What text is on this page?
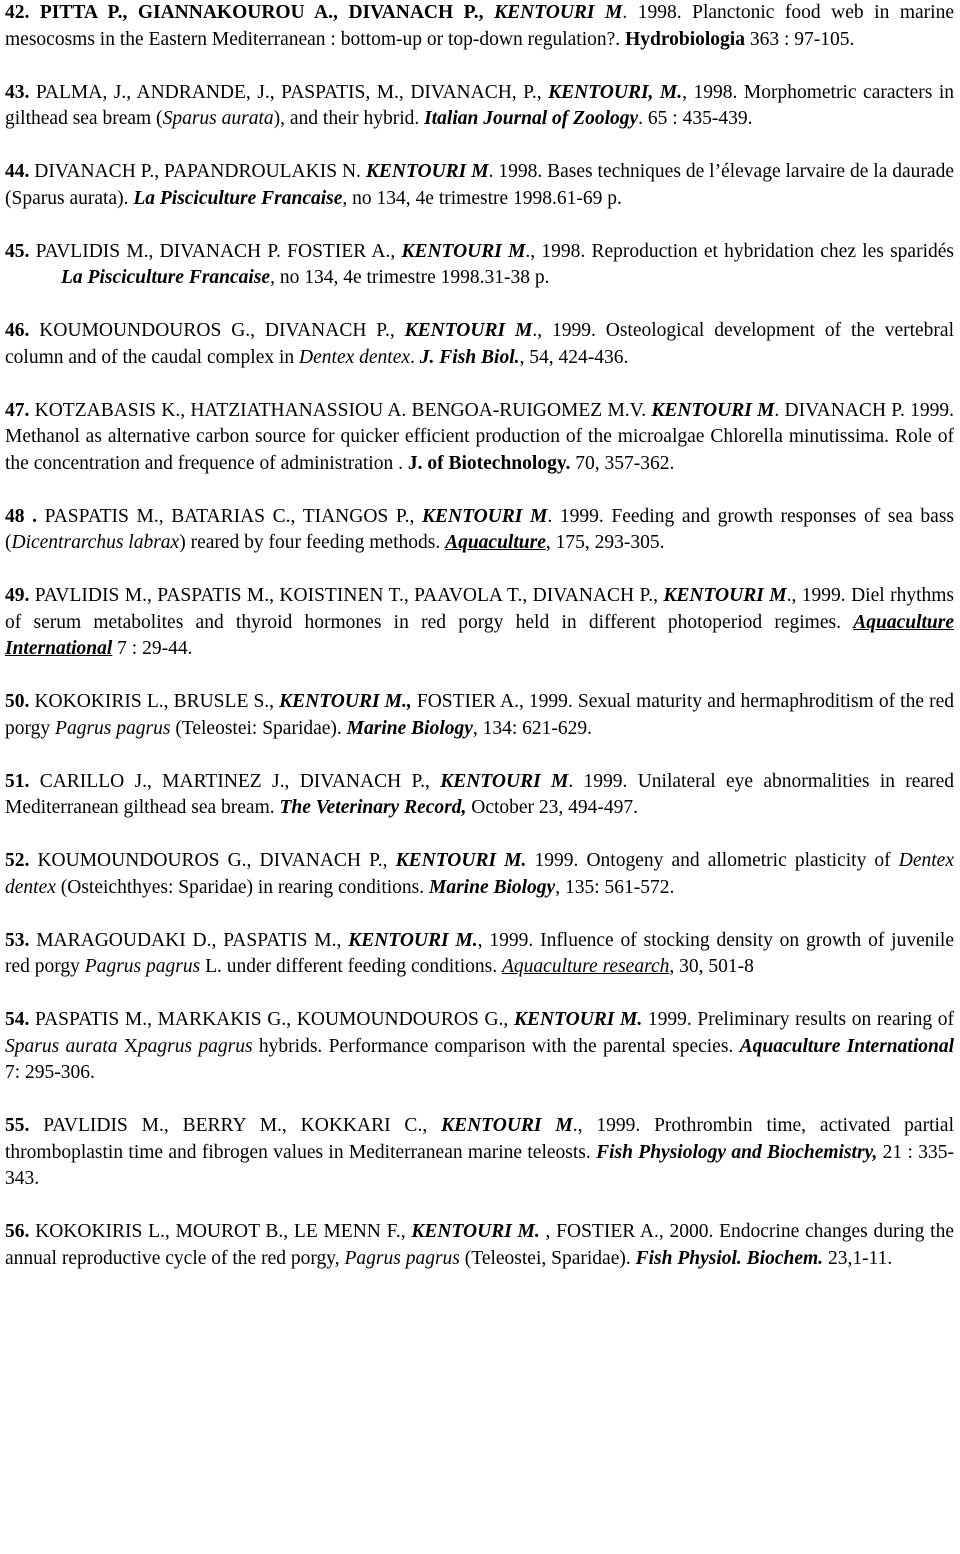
42. PITTA P., GIANNAKOUROU A., DIVANACH P., KENTOURI M. 1998. Planctonic food web in marine mesocosms in the Eastern Mediterranean : bottom-up or top-down regulation?. Hydrobiologia 363 : 97-105.

43. PALMA, J., ANDRANDE, J., PASPATIS, M., DIVANACH, P., KENTOURI, M., 1998. Morphometric caracters in gilthead sea bream (Sparus aurata), and their hybrid. Italian Journal of Zoology. 65 : 435-439.

44. DIVANACH P., PAPANDROULAKIS N. KENTOURI M. 1998. Bases techniques de l’élevage larvaire de la daurade (Sparus aurata). La Pisciculture Francaise, no 134, 4e trimestre 1998.61-69 p.

45. PAVLIDIS M., DIVANACH P. FOSTIER A., KENTOURI M., 1998. Reproduction et hybridation chez les sparidésLa Pisciculture Francaise, no 134, 4e trimestre 1998.31-38 p.

46. KOUMOUNDOUROS G., DIVANACH P., KENTOURI M., 1999. Osteological development of the vertebral column and of the caudal complex in Dentex dentex. J. Fish Biol., 54, 424-436.

47. KOTZABASIS K., HATZIATHANASSIOU A. BENGOA-RUIGOMEZ M.V. KENTOURI M. DIVANACH P. 1999. Methanol as alternative carbon source for quicker efficient production of the microalgae Chlorella minutissima. Role of the concentration and frequence of administration . J. of Biotechnology. 70, 357-362.

48 . PASPATIS M., BATARIAS C., TIANGOS P., KENTOURI M. 1999. Feeding and growth responses of sea bass (Dicentrarchus labrax) reared by four feeding methods. Aquaculture, 175, 293-305.

49. PAVLIDIS M., PASPATIS M., KOISTINEN T., PAAVOLA T., DIVANACH P., KENTOURI M., 1999. Diel rhythms of serum metabolites and thyroid hormones in red porgy held in different photoperiod regimes. Aquaculture International 7 : 29-44.

50. KOKOKIRIS L., BRUSLE S., KENTOURI M., FOSTIER A., 1999. Sexual maturity and hermaphroditism of the red porgy Pagrus pagrus (Teleostei: Sparidae). Marine Biology, 134: 621-629.

51. CARILLO J., MARTINEZ J., DIVANACH P., KENTOURI M. 1999. Unilateral eye abnormalities in reared Mediterranean gilthead sea bream. The Veterinary Record, October 23, 494-497.

52. KOUMOUNDOUROS G., DIVANACH P., KENTOURI M. 1999. Ontogeny and allometric plasticity of Dentex dentex (Osteichthyes: Sparidae) in rearing conditions. Marine Biology, 135: 561-572.

53. MARAGOUDAKI D., PASPATIS M., KENTOURI M., 1999. Influence of stocking density on growth of juvenile red porgy Pagrus pagrus L. under different feeding conditions. Aquaculture research, 30, 501-8

54. PASPATIS M., MARKAKIS G., KOUMOUNDOUROS G., KENTOURI M. 1999. Preliminary results on rearing of Sparus aurata Xpagrus pagrus hybrids. Performance comparison with the parental species. Aquaculture International 7: 295-306.

55. PAVLIDIS M., BERRY M., KOKKARI C., KENTOURI M., 1999. Prothrombin time, activated partial thromboplastin time and fibrogen values in Mediterranean marine teleosts. Fish Physiology and Biochemistry, 21 : 335-343.

56. KOKOKIRIS L., MOUROT B., LE MENN F., KENTOURI M. , FOSTIER A., 2000. Endocrine changes during the annual reproductive cycle of the red porgy, Pagrus pagrus (Teleostei, Sparidae). Fish Physiol. Biochem. 23,1-11.
